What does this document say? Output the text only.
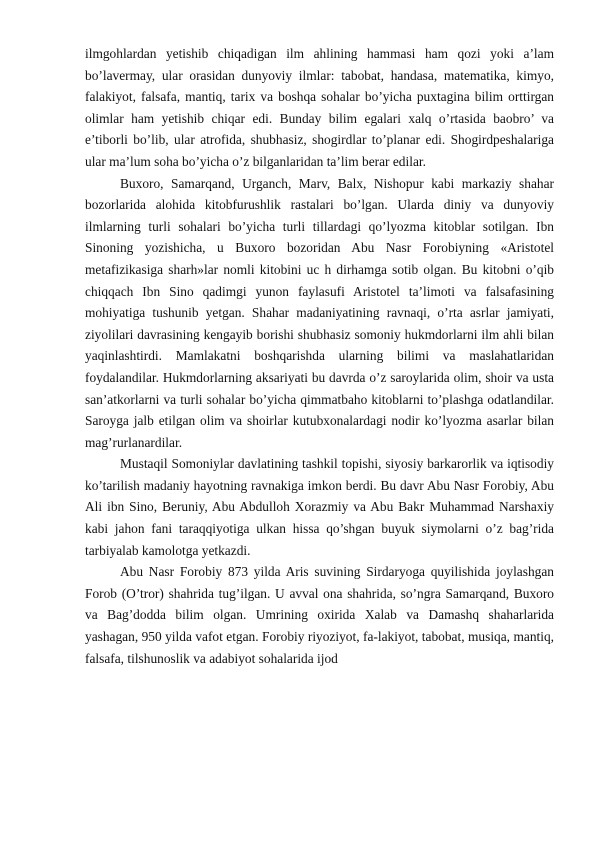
ilmgohlardan yetishib chiqadigan ilm ahlining hammasi ham qozi yoki a’lam bo’lavermay, ular orasidan dunyoviy ilmlar: tabobat, handasa, matematika, kimyo, falakiyot, falsafa, mantiq, tarix va boshqa sohalar bo’yicha puxtagina bilim orttirgan olimlar ham yetishib chiqar edi. Bunday bilim egalari xalq o’rtasida baobro’ va e’tiborli bo’lib, ular atrofida, shubhasiz, shogirdlar to’planar edi. Shogirdpeshalariga ular ma’lum soha bo’yicha o’z bilganlaridan ta’lim berar edilar.

Buxoro, Samarqand, Urganch, Marv, Balx, Nishopur kabi markaziy shahar bozorlarida alohida kitobfurushlik rastalari bo’lgan. Ularda diniy va dunyoviy ilmlarning turli sohalari bo’yicha turli tillardagi qo’lyozma kitoblar sotilgan. Ibn Sinoning yozishicha, u Buxoro bozoridan Abu Nasr Forobiyning «Aristotel metafizikasiga sharh»lar nomli kitobini uc h dirhamga sotib olgan. Bu kitobni o’qib chiqqach Ibn Sino qadimgi yunon faylasufi Aristotel ta’limoti va falsafasining mohiyatiga tushunib yetgan. Shahar madaniyatining ravnaqi, o’rta asrlar jamiyati, ziyolilari davrasining kengayib borishi shubhasiz somoniy hukmdorlarni ilm ahli bilan yaqinlashtirdi. Mamlakatni boshqarishda ularning bilimi va maslahatlaridan foydalandilar. Hukmdorlarning aksariyati bu davrda o’z saroylarida olim, shoir va usta san’atkorlarni va turli sohalar bo’yicha qimmatbaho kitoblarni to’plashga odatlandilar. Saroyga jalb etilgan olim va shoirlar kutubxonalardagi nodir ko’lyozma asarlar bilan mag’rurlanardilar.

Mustaqil Somoniylar davlatining tashkil topishi, siyosiy barkarorlik va iqtisodiy ko’tarilish madaniy hayotning ravnakiga imkon berdi. Bu davr Abu Nasr Forobiy, Abu Ali ibn Sino, Beruniy, Abu Abdulloh Xorazmiy va Abu Bakr Muhammad Narshaxiy kabi jahon fani taraqqiyotiga ulkan hissa qo’shgan buyuk siymolarni o’z bag’rida tarbiyalab kamolotga yetkazdi.

Abu Nasr Forobiy 873 yilda Aris suvining Sirdaryoga quyilishida joylashgan Forob (O’tror) shahrida tug’ilgan. U avval ona shahrida, so’ngra Samarqand, Buxoro va Bag’dodda bilim olgan. Umrining oxirida Xalab va Damashq shaharlarida yashagan, 950 yilda vafot etgan. Forobiy riyoziyot, fa-lakiyot, tabobat, musiqa, mantiq, falsafa, tilshunoslik va adabiyot sohalarida ijod
